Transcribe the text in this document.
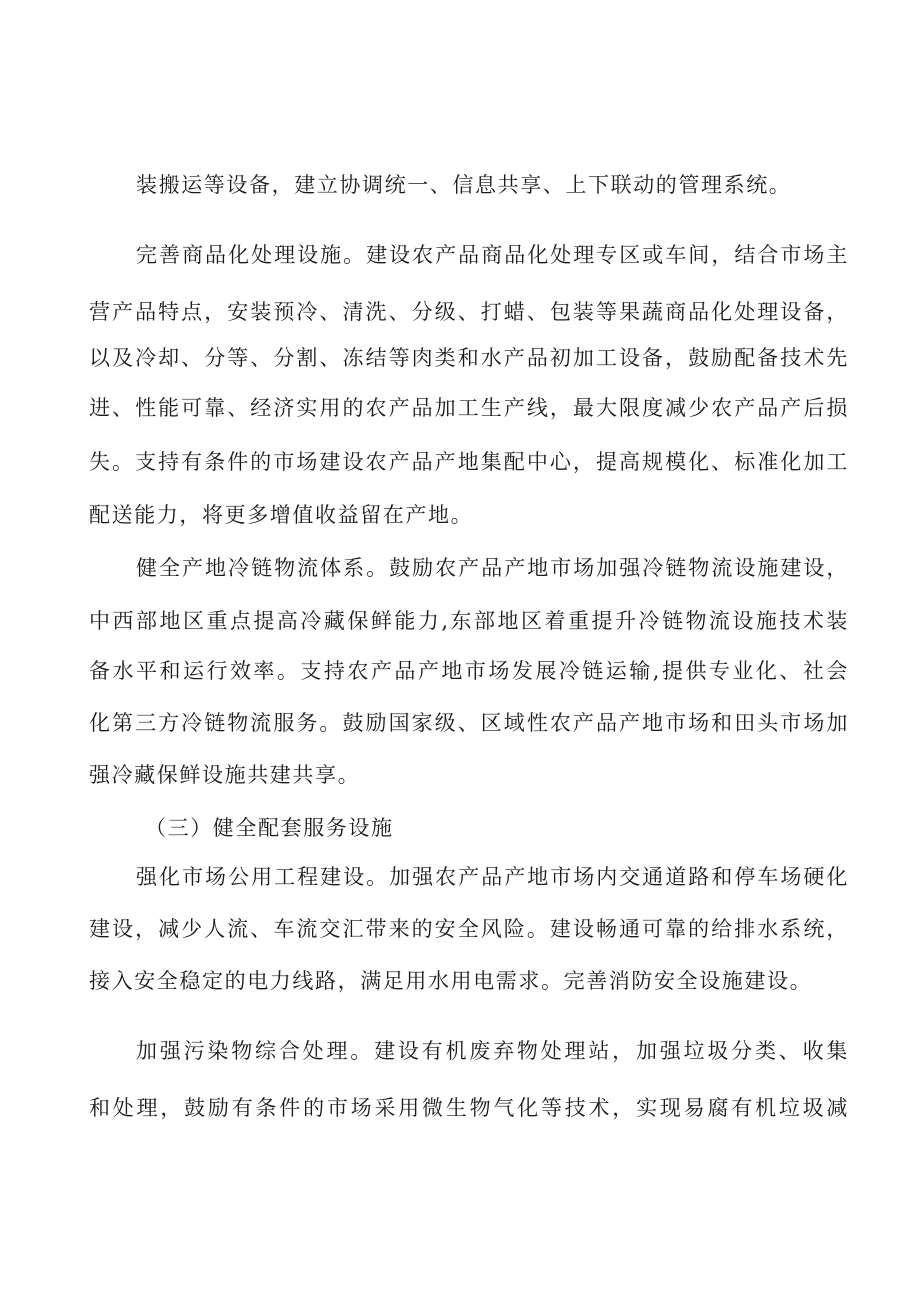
装搬运等设备，建立协调统一、信息共享、上下联动的管理系统。
完善商品化处理设施。建设农产品商品化处理专区或车间，结合市场主
营产品特点，安装预冷、清洗、分级、打蜡、包装等果蔬商品化处理设备，
以及冷却、分等、分割、冻结等肉类和水产品初加工设备，鼓励配备技术先
进、性能可靠、经济实用的农产品加工生产线，最大限度减少农产品产后损
失。支持有条件的市场建设农产品产地集配中心，提高规模化、标准化加工
配送能力，将更多增值收益留在产地。
健全产地冷链物流体系。鼓励农产品产地市场加强冷链物流设施建设，
中西部地区重点提高冷藏保鲜能力,东部地区着重提升冷链物流设施技术装
备水平和运行效率。支持农产品产地市场发展冷链运输,提供专业化、社会
化第三方冷链物流服务。鼓励国家级、区域性农产品产地市场和田头市场加
强冷藏保鲜设施共建共享。
（三）健全配套服务设施
强化市场公用工程建设。加强农产品产地市场内交通道路和停车场硬化
建设，减少人流、车流交汇带来的安全风险。建设畅通可靠的给排水系统，
接入安全稳定的电力线路，满足用水用电需求。完善消防安全设施建设。
加强污染物综合处理。建设有机废弃物处理站，加强垃圾分类、收集
和处理，鼓励有条件的市场采用微生物气化等技术，实现易腐有机垃圾减
